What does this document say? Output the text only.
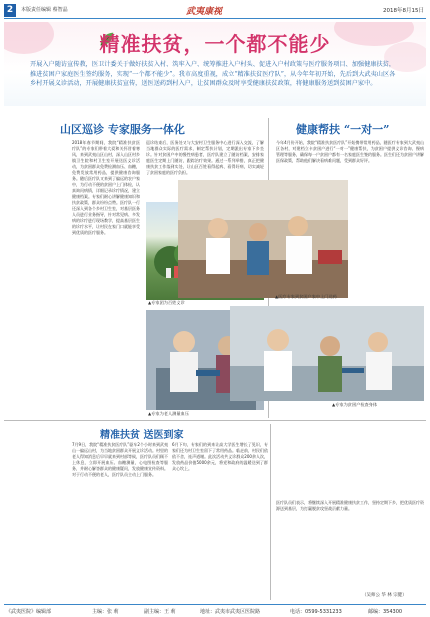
2	本版责任编辑 蔡智晶	武夷康视	2018年8月15日
精准扶贫，一个都不能少
开展入户随访宣传教，医卫计委关于做好扶贫入村、筑牢入户、统筹推进入户村头、促进入户村政策与医疗服务项目、加强健康扶贫，推进贫困户家庭医生签约服务，实现“一个都不能少”。我市高度重视，成立“精准扶贫医疗队”，从今年年初开始，先后到大武夷山区各乡村开展义诊活动，开展健康扶贫宣传，送医送药到村入户，让贫困群众及时享受健康扶贫政策，将健康服务送到贫困户家中。
山区巡诊 专家服务一体化	健康帮扶 “一对一”
2018年春节期间，我院“精准扶贫医疗队”的专家们带着大爱和关怀冒着寒风，来到武夷山区山村，深入山区村乡镇卫生院和村卫生室开展送医义诊活动，为贫困群众免费检测血压、血糖，免费发放常用药品，提供健康咨询服务。随后医疗队又来到了偏远的农户家中，为行动不便的贫困户上门体检，认真询问病情，详细记录诊疗情况，建立健康档案。专家们耐心讲解健康知识和扶贫政策，群众纷纷点赞。医疗队一行还深入到各个乡村卫生室，对基层医务人员进行业务指导，针对常见病、多发病的诊疗进行现场教学，提高基层医生的诊疗水平，让村民在家门口就能享受到优质的医疗服务。
巡诊结束后，医务处又与大安村卫生服务中心进行深入交流，了解当地群众实际的医疗需求，制定帮扶计划，定期派出专家下乡坐诊。针对贫困户中的慢性病患者，医疗队建立了随访档案，安排家庭医生定期上门随访，跟踪治疗效果。通过一系列举措，真正把健康扶贫工作落到实处，让山区百姓看得起病、看得好病，切实减轻了贫困家庭的医疗负担。
▲专家团为百姓义诊
▲专家为老人测量血压
今年4月份开始，我院“精准扶贫医疗队”开始携带常用药品，随医疗专家到大武夷山区各村，对建档立卡贫困户进行“一对一”健康帮扶，为贫困户提供义诊咨询、慢病管理等服务，确保每一户贫困户都有一名家庭医生签约服务。医生们还为贫困户讲解医保政策，帮助他们解决看病难问题，受到群众好评。
▲医疗专家到贫困户家中上门送药
▲专家为贫困户检查身体
精准扶贫 送医到家
7月9日，我院“精准扶贫医疗队”驱车2个小时来到武夷山一偏远山村，为当地贫困群众开展义诊活动。村里的老人得知消息后早早就来到村部等候，医疗队员们顾不上休息，立即开展血压、血糖测量，心电图检查等服务，并耐心解答群众的健康疑问，发放健康宣传资料。对于行动不便的老人，医疗队员主动上门服务。
6月下旬，专家们的到来让高大学医生增长了见识，专家们还为村卫生室留下了常用药品。临走前，村民们依依不舍，连声道谢。此次活动共义诊群众200余人次，发放药品价值5000余元，将党和政府的温暖送到了群众心坎上。
医疗队员们表示，将继续深入开展精准健康扶贫工作，坚持定期下乡，把优质医疗资源送到基层，为打赢脱贫攻坚战贡献力量。
（吴师公 华 林 宗健）
《武夷医院》编辑部	主编：张 莉	副主编：王 莉	地址：武夷市武夷区医院路	电话：0599-5331233	邮编：354300
